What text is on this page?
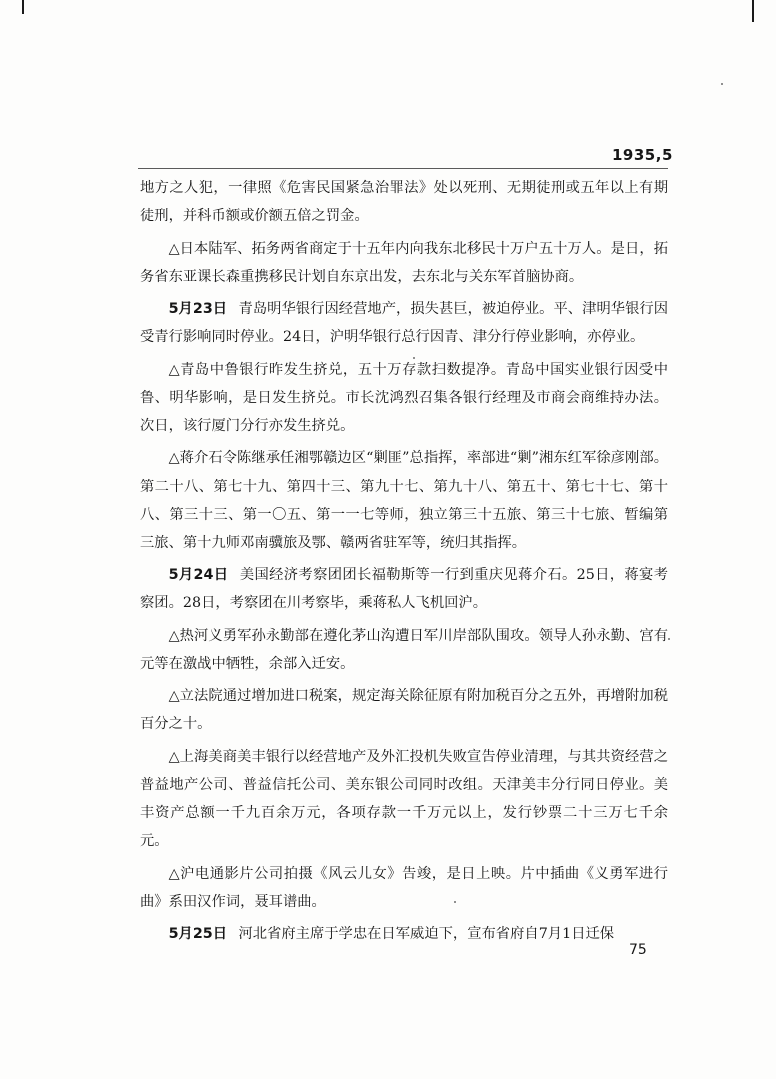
1935,5

地方之人犯，一律照《危害民国紧急治罪法》处以死刑、无期徒刑或五年以上有期徒刑，并科币额或价额五倍之罚金。

△日本陆军、拓务两省商定于十五年内向我东北移民十万户五十万人。是日，拓务省东亚课长森重携移民计划自东京出发，去东北与关东军首脑协商。

5月23日 青岛明华银行因经营地产，损失甚巨，被迫停业。平、津明华银行因受青行影响同时停业。24日，沪明华银行总行因青、津分行停业影响，亦停业。

△青岛中鲁银行昨发生挤兑，五十万存款扫数提净。青岛中国实业银行因受中鲁、明华影响，是日发生挤兑。市长沈鸿烈召集各银行经理及市商会商维持办法。次日，该行厦门分行亦发生挤兑。

△蒋介石令陈继承任湘鄂赣边区“剿匪”总指挥，率部进“剿”湘东红军徐彦刚部。第二十八、第七十九、第四十三、第九十七、第九十八、第五十、第七十七、第十八、第三十三、第一〇五、第一一七等师，独立第三十五旅、第三十七旅、暂编第三旅、第十九师邓南骥旅及鄂、赣两省驻军等，统归其指挥。

5月24日 美国经济考察团团长福勒斯等一行到重庆见蒋介石。25日，蒋宴考察团。28日，考察团在川考察毕，乘蒋私人飞机回沪。

△热河义勇军孙永勤部在遵化茅山沟遭日军川岸部队围攻。领导人孙永勤、宫有元等在激战中牺牲，余部入迁安。

△立法院通过增加进口税案，规定海关除征原有附加税百分之五外，再增附加税百分之十。

△上海美商美丰银行以经营地产及外汇投机失败宣告停业清理，与其共资经营之普益地产公司、普益信托公司、美东银公司同时改组。天津美丰分行同日停业。美丰资产总额一千九百余万元，各项存款一千万元以上，发行钞票二十三万七千余元。

△沪电通影片公司拍摄《风云儿女》告竣，是日上映。片中插曲《义勇军进行曲》系田汉作词，聂耳谱曲。

5月25日 河北省府主席于学忠在日军威迫下，宣布省府自7月1日迁保

75
